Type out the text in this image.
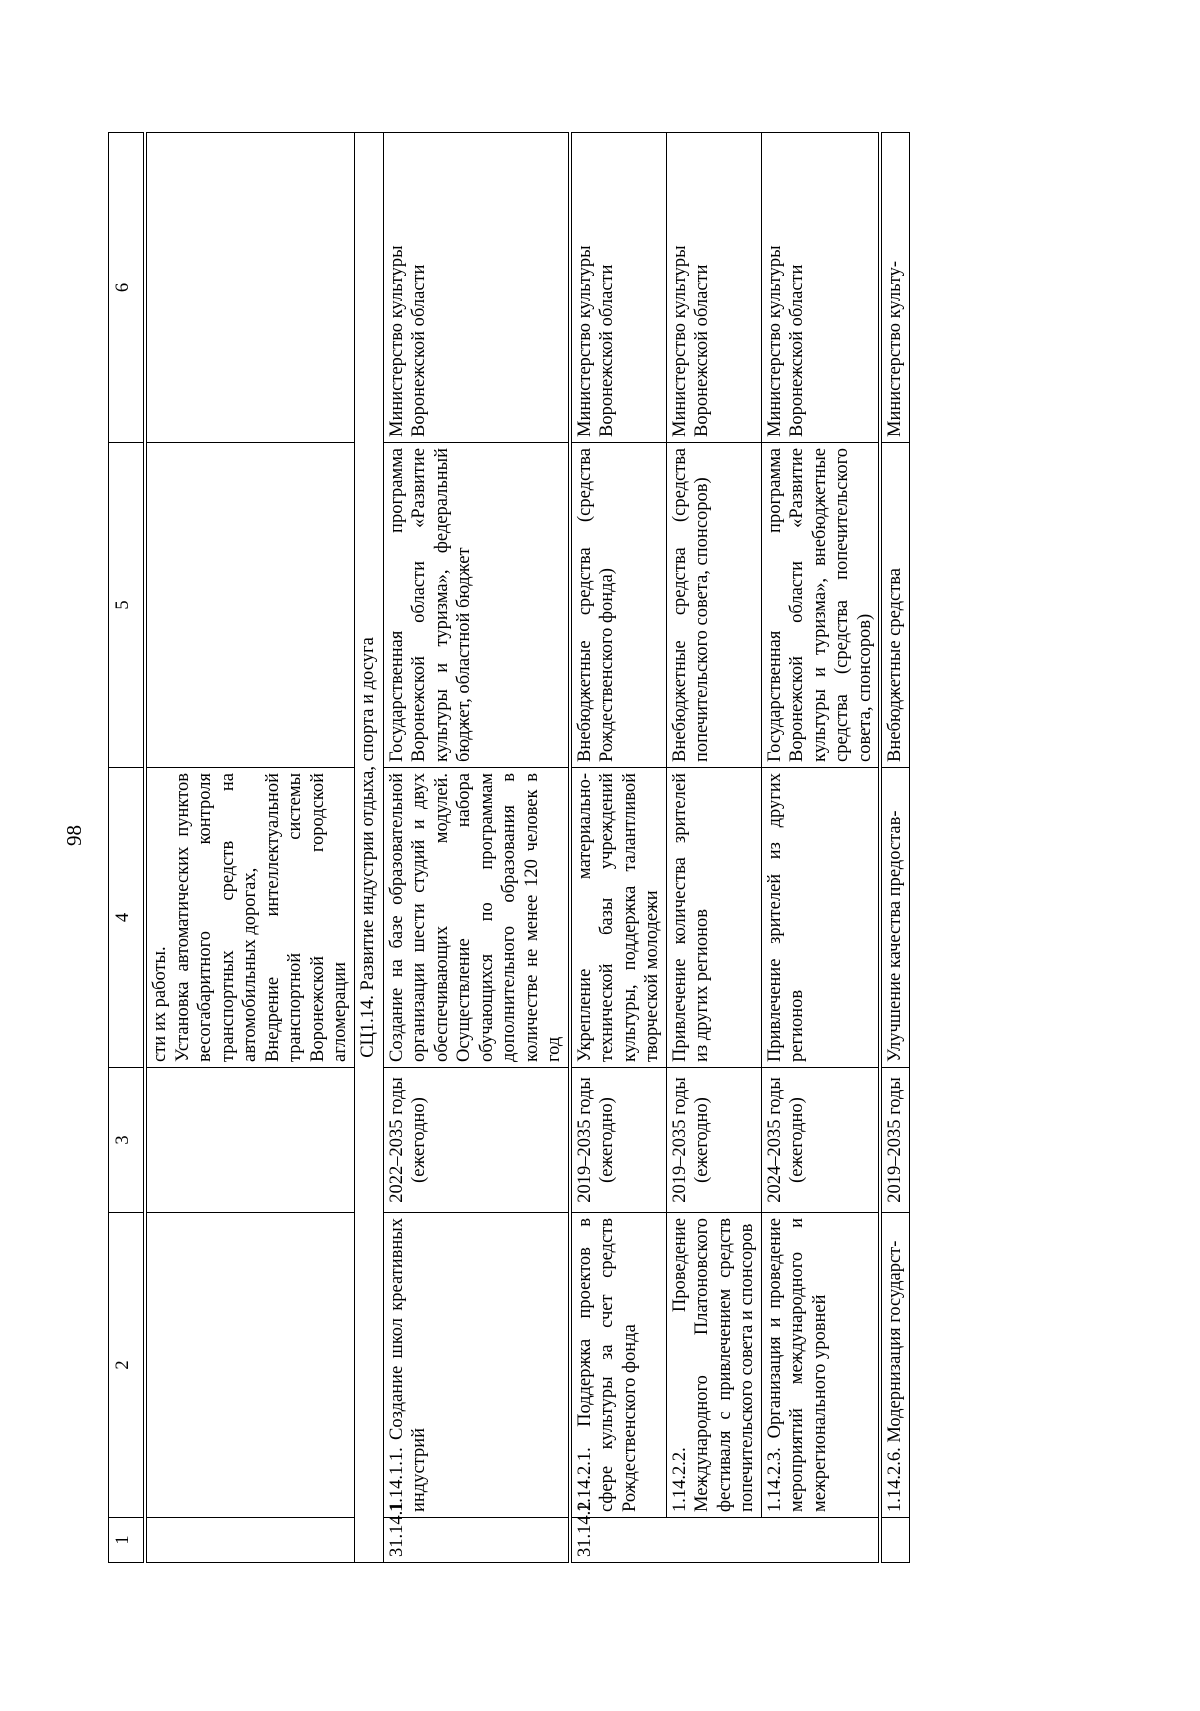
98
1	2	3	4	5	6

			сти их работы.
Установка автоматических пунктов весогабаритного контроля транспортных средств на автомобильных дорогах,
Внедрение интеллектуальной транспортной системы Воронежской городской агломерации		
СЦ1.14. Развитие индустрии отдыха, спорта и досуга					
31.14.1	1.14.1.1. Создание школ креативных индустрий	2022–2035 годы (ежегодно)	Создание на базе образовательной организации шести студий и двух обеспечивающих модулей. Осуществление набора обучающихся по программам дополнительного образования в количестве не менее 120 человек в год	Государственная программа Воронежской области «Развитие культуры и туризма», федеральный бюджет, областной бюджет	Министерство культуры Воронежской области

31.14.2	1.14.2.1. Поддержка проектов в сфере культуры за счет средств Рождественского фонда	2019–2035 годы (ежегодно)	Укрепление материально-технической базы учреждений культуры, поддержка талантливой творческой молодежи	Внебюджетные средства (средства Рождественского фонда)	Министерство культуры Воронежской области
	1.14.2.2. Проведение Международного Платоновского фестиваля с привлечением средств попечительского совета и спонсоров	2019–2035 годы (ежегодно)	Привлечение количества зрителей из других регионов	Внебюджетные средства (средства попечительского совета, спонсоров)	Министерство культуры Воронежской области
	1.14.2.3. Организация и проведение мероприятий международного и межрегионального уровней	2024–2035 годы (ежегодно)	Привлечение зрителей из других регионов	Государственная программа Воронежской области «Развитие культуры и туризма», внебюджетные средства (средства попечительского совета, спонсоров)	Министерство культуры Воронежской области

	1.14.2.6. Модернизация государст-	2019–2035 годы	Улучшение качества предостав-	Внебюджетные средства	Министерство культу-
